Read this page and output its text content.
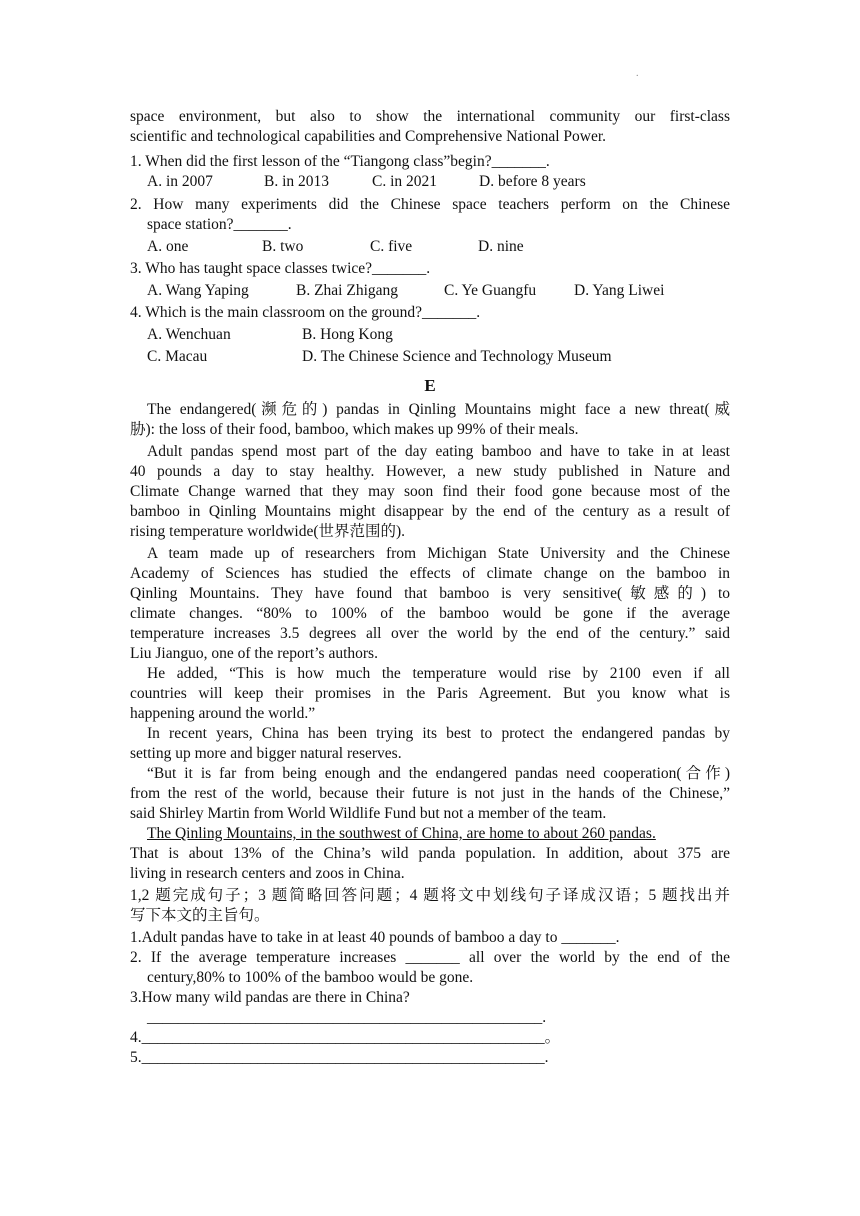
.
space environment, but also to show the international community our first-class
scientific and technological capabilities and Comprehensive National Power.
1. When did the first lesson of the “Tiangong class”begin?_______.
A. in 2007	B. in 2013	C. in 2021	D. before 8 years
2. How many experiments did the Chinese space teachers perform on the Chinese
space station?_______.
A. one	B. two	C. five	D. nine
3. Who has taught space classes twice?_______.
A. Wang Yaping	B. Zhai Zhigang	C. Ye Guangfu D. Yang Liwei
4. Which is the main classroom on the ground?_______.
A. Wenchuan	B. Hong Kong
C. Macau	D. The Chinese Science and Technology Museum
E
The endangered(濒危的) pandas in Qinling Mountains might face a new threat(威
胁): the loss of their food, bamboo, which makes up 99% of their meals.
Adult pandas spend most part of the day eating bamboo and have to take in at least
40 pounds a day to stay healthy. However, a new study published in Nature and
Climate Change warned that they may soon find their food gone because most of the
bamboo in Qinling Mountains might disappear by the end of the century as a result of
rising temperature worldwide(世界范围的).
A team made up of researchers from Michigan State University and the Chinese
Academy of Sciences has studied the effects of climate change on the bamboo in
Qinling Mountains. They have found that bamboo is very sensitive(敏感的) to
climate changes. “80% to 100% of the bamboo would be gone if the average
temperature increases 3.5 degrees all over the world by the end of the century.” said
Liu Jianguo, one of the report’s authors.
He added, “This is how much the temperature would rise by 2100 even if all
countries will keep their promises in the Paris Agreement. But you know what is
happening around the world.”
In recent years, China has been trying its best to protect the endangered pandas by
setting up more and bigger natural reserves.
“But it is far from being enough and the endangered pandas need cooperation(合作)
from the rest of the world, because their future is not just in the hands of the Chinese,”
said Shirley Martin from World Wildlife Fund but not a member of the team.
The Qinling Mountains, in the southwest of China, are home to about 260 pandas.
That is about 13% of the China’s wild panda population. In addition, about 375 are
living in research centers and zoos in China.
1,2 题完成句子；3 题简略回答问题；4 题将文中划线句子译成汉语；5 题找出并
写下本文的主旨句。
1.Adult pandas have to take in at least 40 pounds of bamboo a day to _______.
2. If the average temperature increases _______ all over the world by the end of the
century,80% to 100% of the bamboo would be gone.
3.How many wild pandas are there in China?
___________________________________________________.
4.____________________________________________________。
5.____________________________________________________.
